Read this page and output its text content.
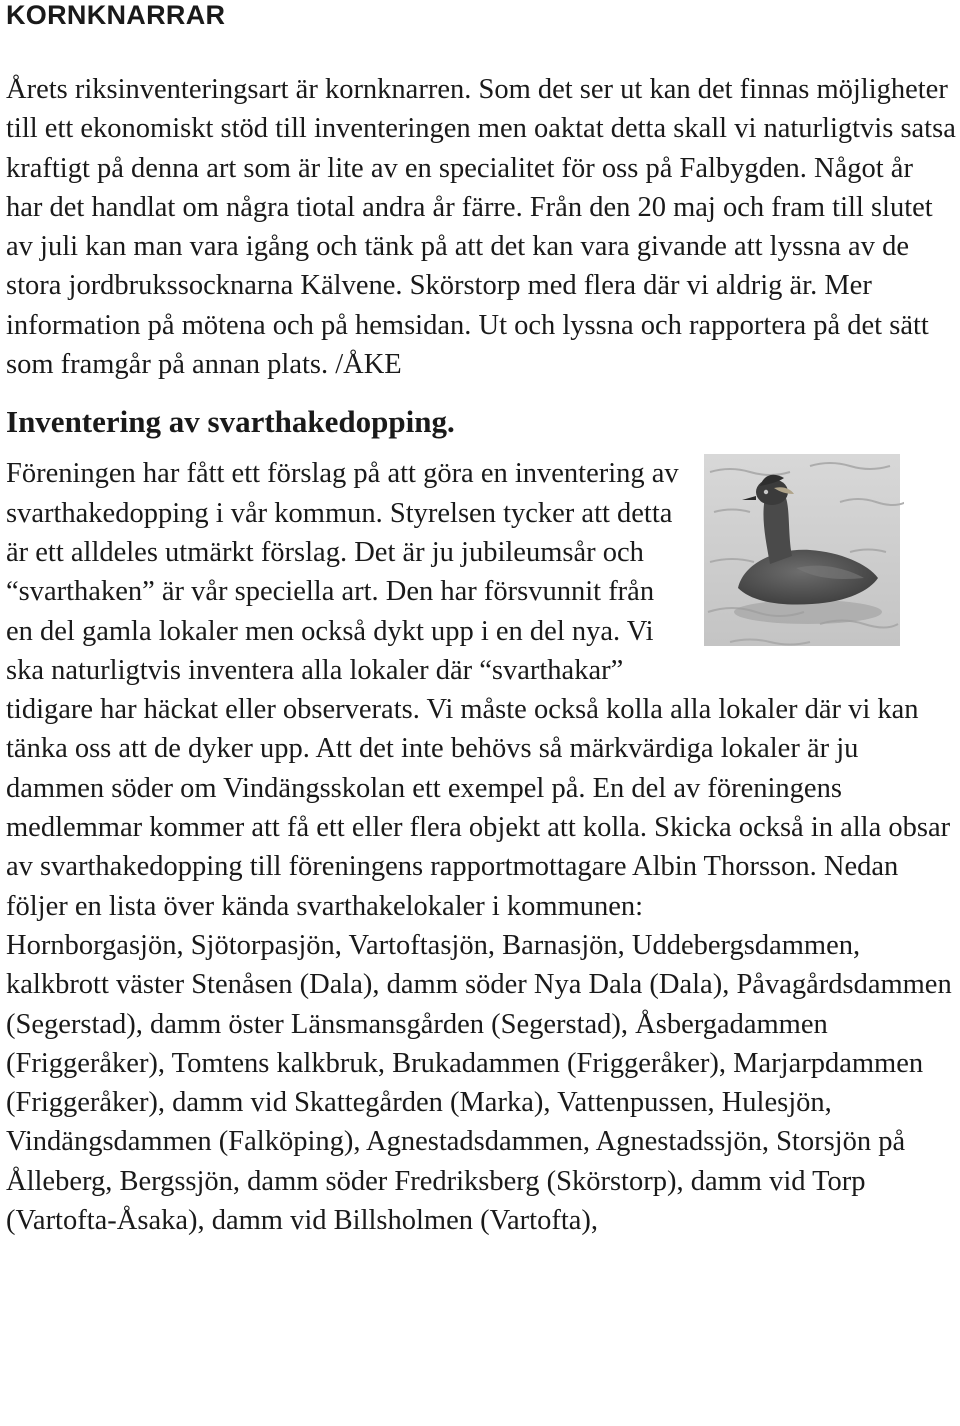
KORNKNARRAR

Årets riksinventeringsart är kornknarren. Som det ser ut kan det finnas möjligheter till ett ekonomiskt stöd till inventeringen men oaktat detta skall vi naturligtvis satsa kraftigt på denna art som är lite av en specialitet för oss på Falbygden. Något år har det handlat om några tiotal andra år färre. Från den 20 maj och fram till slutet av juli kan man vara igång och tänk på att det kan vara givande att lyssna av de stora jordbrukssocknarna Kälvene. Skörstorp med flera där vi aldrig är. Mer information på mötena och på hemsidan. Ut och lyssna och rapportera på det sätt som framgår på annan plats. /ÅKE

Inventering av svarthakedopping.

Föreningen har fått ett förslag på att göra en inventering av svarthakedopping i vår kommun. Styrelsen tycker att detta är ett alldeles utmärkt förslag. Det är ju jubileumsår och “svarthaken” är vår speciella art. Den har försvunnit från en del gamla lokaler men också dykt upp i en del nya. Vi ska naturligtvis inventera alla lokaler där “svarthakar” tidigare har häckat eller observerats. Vi måste också kolla alla lokaler där vi kan tänka oss att de dyker upp. Att det inte behövs så märkvärdiga lokaler är ju dammen söder om Vindängsskolan ett exempel på. En del av föreningens medlemmar kommer att få ett eller flera objekt att kolla. Skicka också in alla obsar av svarthakedopping till föreningens rapportmottagare Albin Thorsson. Nedan följer en lista över kända svarthakelokaler i kommunen:

Hornborgasjön, Sjötorpasjön, Vartoftasjön, Barnasjön, Uddebergsdammen, kalkbrott väster Stenåsen (Dala), damm söder Nya Dala (Dala), Påvagårdsdammen (Segerstad), damm öster Länsmansgården (Segerstad), Åsbergadammen (Friggeråker), Tomtens kalkbruk, Brukadammen (Friggeråker), Marjarpdammen (Friggeråker), damm vid Skattegården (Marka), Vattenpussen, Hulesjön, Vindängsdammen (Falköping), Agnestadsdammen, Agnestadssjön, Storsjön på Ålleberg, Bergssjön, damm söder Fredriksberg (Skörstorp), damm vid Torp (Vartofta-Åsaka), damm vid Billsholmen (Vartofta),
